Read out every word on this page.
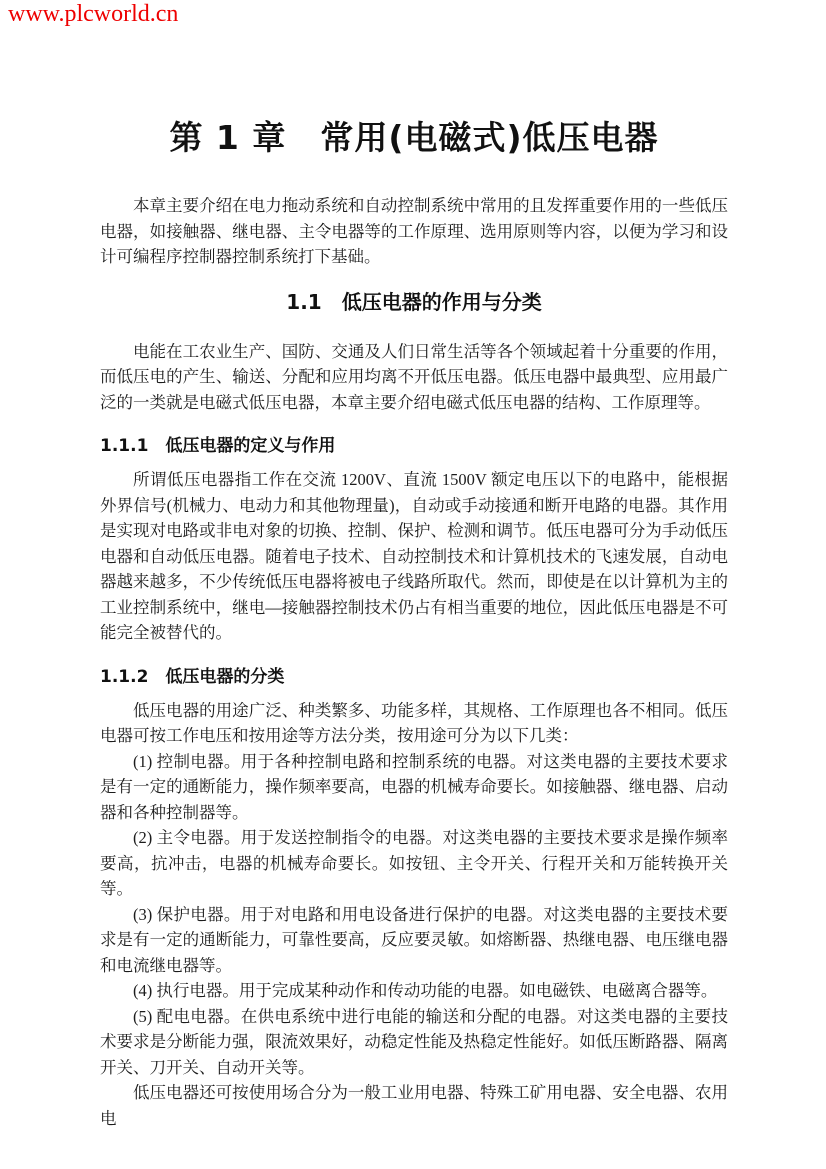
www.plcworld.cn
第 1 章　常用(电磁式)低压电器

本章主要介绍在电力拖动系统和自动控制系统中常用的且发挥重要作用的一些低压电器，如接触器、继电器、主令电器等的工作原理、选用原则等内容，以便为学习和设计可编程序控制器控制系统打下基础。

1.1　低压电器的作用与分类

电能在工农业生产、国防、交通及人们日常生活等各个领域起着十分重要的作用，而低压电的产生、输送、分配和应用均离不开低压电器。低压电器中最典型、应用最广泛的一类就是电磁式低压电器，本章主要介绍电磁式低压电器的结构、工作原理等。

1.1.1　低压电器的定义与作用

所谓低压电器指工作在交流 1200V、直流 1500V 额定电压以下的电路中，能根据外界信号(机械力、电动力和其他物理量)，自动或手动接通和断开电路的电器。其作用是实现对电路或非电对象的切换、控制、保护、检测和调节。低压电器可分为手动低压电器和自动低压电器。随着电子技术、自动控制技术和计算机技术的飞速发展，自动电器越来越多，不少传统低压电器将被电子线路所取代。然而，即使是在以计算机为主的工业控制系统中，继电—接触器控制技术仍占有相当重要的地位，因此低压电器是不可能完全被替代的。

1.1.2　低压电器的分类

低压电器的用途广泛、种类繁多、功能多样，其规格、工作原理也各不相同。低压电器可按工作电压和按用途等方法分类，按用途可分为以下几类：

(1) 控制电器。用于各种控制电路和控制系统的电器。对这类电器的主要技术要求是有一定的通断能力，操作频率要高，电器的机械寿命要长。如接触器、继电器、启动器和各种控制器等。

(2) 主令电器。用于发送控制指令的电器。对这类电器的主要技术要求是操作频率要高，抗冲击，电器的机械寿命要长。如按钮、主令开关、行程开关和万能转换开关等。

(3) 保护电器。用于对电路和用电设备进行保护的电器。对这类电器的主要技术要求是有一定的通断能力，可靠性要高，反应要灵敏。如熔断器、热继电器、电压继电器和电流继电器等。

(4) 执行电器。用于完成某种动作和传动功能的电器。如电磁铁、电磁离合器等。

(5) 配电电器。在供电系统中进行电能的输送和分配的电器。对这类电器的主要技术要求是分断能力强，限流效果好，动稳定性能及热稳定性能好。如低压断路器、隔离开关、刀开关、自动开关等。

低压电器还可按使用场合分为一般工业用电器、特殊工矿用电器、安全电器、农用电
